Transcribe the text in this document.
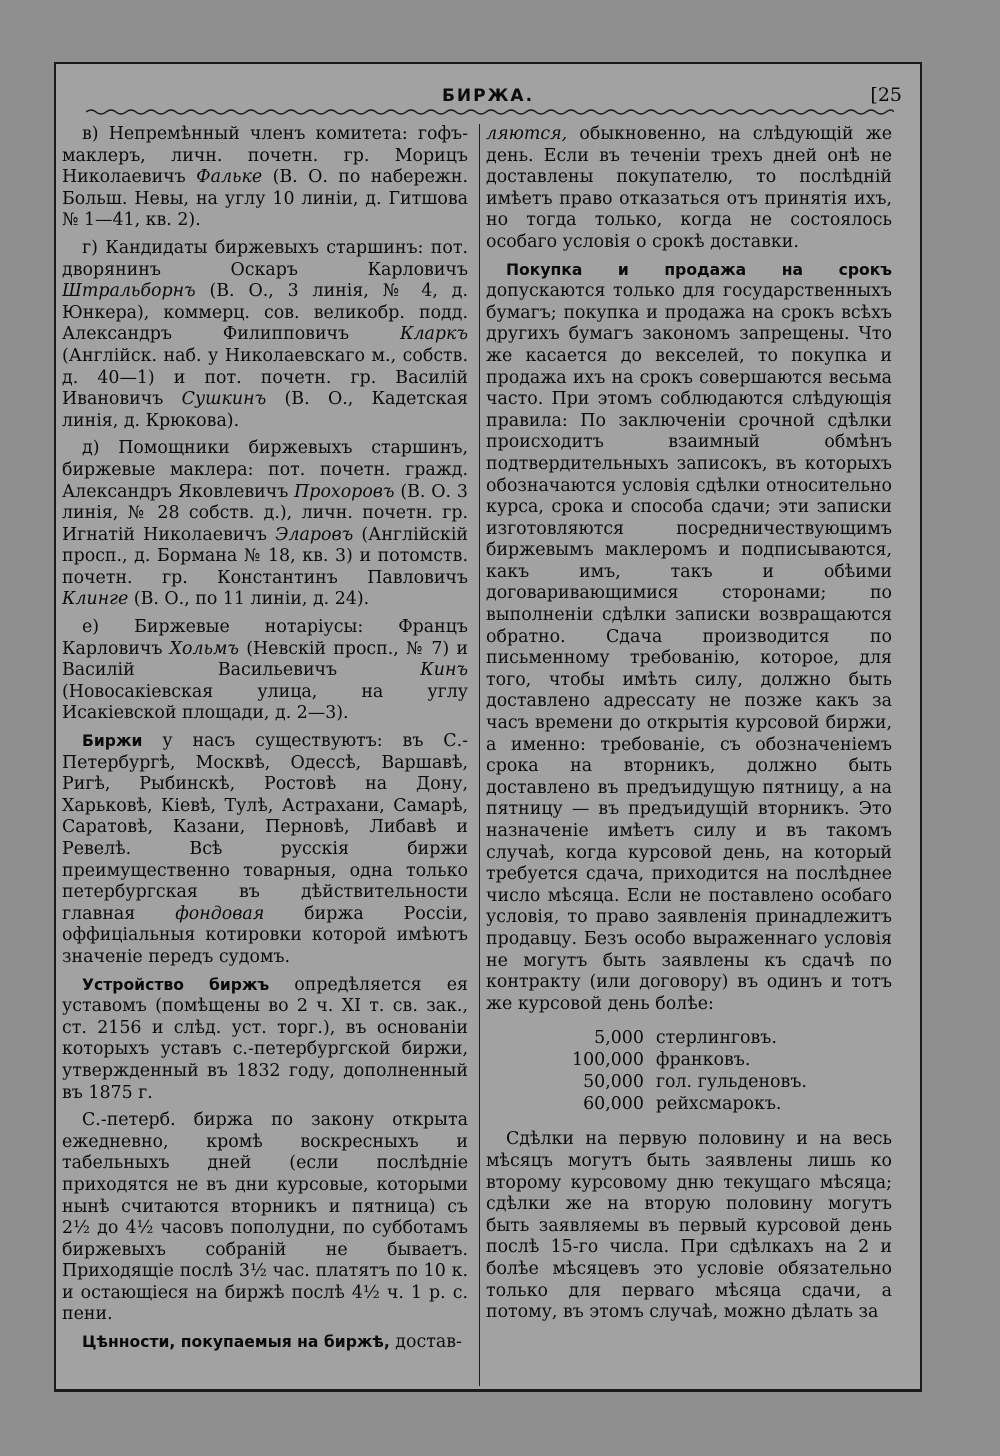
БИРЖА.	[25

в) Непремѣнный членъ комитета: гофъ-маклеръ, личн. почетн. гр. Морицъ Николаевичъ Фальке (В. О. по набережн. Больш. Невы, на углу 10 линіи, д. Гитшова № 1—41, кв. 2).

г) Кандидаты биржевыхъ старшинъ: пот. дворянинъ Оскаръ Карловичъ Штральборнъ (В. О., 3 линія, № 4, д. Юнкера), коммерц. сов. великобр. подд. Александръ Филипповичъ Кларкъ (Англійск. наб. у Николаевскаго м., собств. д. 40—1) и пот. почетн. гр. Василій Ивановичъ Сушкинъ (В. О., Кадетская линія, д. Крюкова).

д) Помощники биржевыхъ старшинъ, биржевые маклера: пот. почетн. гражд. Александръ Яковлевичъ Прохоровъ (В. О. 3 линія, № 28 собств. д.), личн. почетн. гр. Игнатій Николаевичъ Эларовъ (Англійскій просп., д. Бормана № 18, кв. 3) и потомств. почетн. гр. Константинъ Павловичъ Клинге (В. О., по 11 линіи, д. 24).

е) Биржевые нотаріусы: Францъ Карловичъ Хольмъ (Невскій просп., № 7) и Василій Васильевичъ Кинъ (Новосакіевская улица, на углу Исакіевской площади, д. 2—3).

Биржи у насъ существуютъ: въ С.-Петербургѣ, Москвѣ, Одессѣ, Варшавѣ, Ригѣ, Рыбинскѣ, Ростовѣ на Дону, Харьковѣ, Кіевѣ, Тулѣ, Астрахани, Самарѣ, Саратовѣ, Казани, Перновѣ, Либавѣ и Ревелѣ. Всѣ русскія биржи преимущественно товарныя, одна только петербургская въ дѣйствительности главная фондовая биржа Россіи, оффиціальныя котировки которой имѣютъ значеніе передъ судомъ.

Устройство биржъ опредѣляется ея уставомъ (помѣщены во 2 ч. XI т. св. зак., ст. 2156 и слѣд. уст. торг.), въ основаніи которыхъ уставъ с.-петербургской биржи, утвержденный въ 1832 году, дополненный въ 1875 г.

С.-петерб. биржа по закону открыта ежедневно, кромѣ воскресныхъ и табельныхъ дней (если послѣдніе приходятся не въ дни курсовые, которыми нынѣ считаются вторникъ и пятница) съ 2½ до 4½ часовъ пополудни, по субботамъ биржевыхъ собраній не бываетъ. Приходящіе послѣ 3½ час. платятъ по 10 к. и остающіеся на биржѣ послѣ 4½ ч. 1 р. с. пени.

Цѣнности, покупаемыя на биржѣ, достав-

ляются, обыкновенно, на слѣдующій же день. Если въ теченіи трехъ дней онѣ не доставлены покупателю, то послѣдній имѣетъ право отказаться отъ принятія ихъ, но тогда только, когда не состоялось особаго условія о срокѣ доставки.

Покупка и продажа на срокъ допускаются только для государственныхъ бумагъ; покупка и продажа на срокъ всѣхъ другихъ бумагъ закономъ запрещены. Что же касается до векселей, то покупка и продажа ихъ на срокъ совершаются весьма часто. При этомъ соблюдаются слѣдующія правила: По заключеніи срочной сдѣлки происходитъ взаимный обмѣнъ подтвердительныхъ записокъ, въ которыхъ обозначаются условія сдѣлки относительно курса, срока и способа сдачи; эти записки изготовляются посредничествующимъ биржевымъ маклеромъ и подписываются, какъ имъ, такъ и обѣими договаривающимися сторонами; по выполненіи сдѣлки записки возвращаются обратно. Сдача производится по письменному требованію, которое, для того, чтобы имѣть силу, должно быть доставлено адрессату не позже какъ за часъ времени до открытія курсовой биржи, а именно: требованіе, съ обозначеніемъ срока на вторникъ, должно быть доставлено въ предъидущую пятницу, а на пятницу — въ предъидущій вторникъ. Это назначеніе имѣетъ силу и въ такомъ случаѣ, когда курсовой день, на который требуется сдача, приходится на послѣднее число мѣсяца. Если не поставлено особаго условія, то право заявленія принадлежитъ продавцу. Безъ особо выраженнаго условія не могутъ быть заявлены къ сдачѣ по контракту (или договору) въ одинъ и тотъ же курсовой день болѣе:

5,000	стерлинговъ.
100,000	франковъ.
50,000	гол. гульденовъ.
60,000	рейхсмарокъ.

Сдѣлки на первую половину и на весь мѣсяцъ могутъ быть заявлены лишь ко второму курсовому дню текущаго мѣсяца; сдѣлки же на вторую половину могутъ быть заявляемы въ первый курсовой день послѣ 15-го числа. При сдѣлкахъ на 2 и болѣе мѣсяцевъ это условіе обязательно только для перваго мѣсяца сдачи, а потому, въ этомъ случаѣ, можно дѣлать за
